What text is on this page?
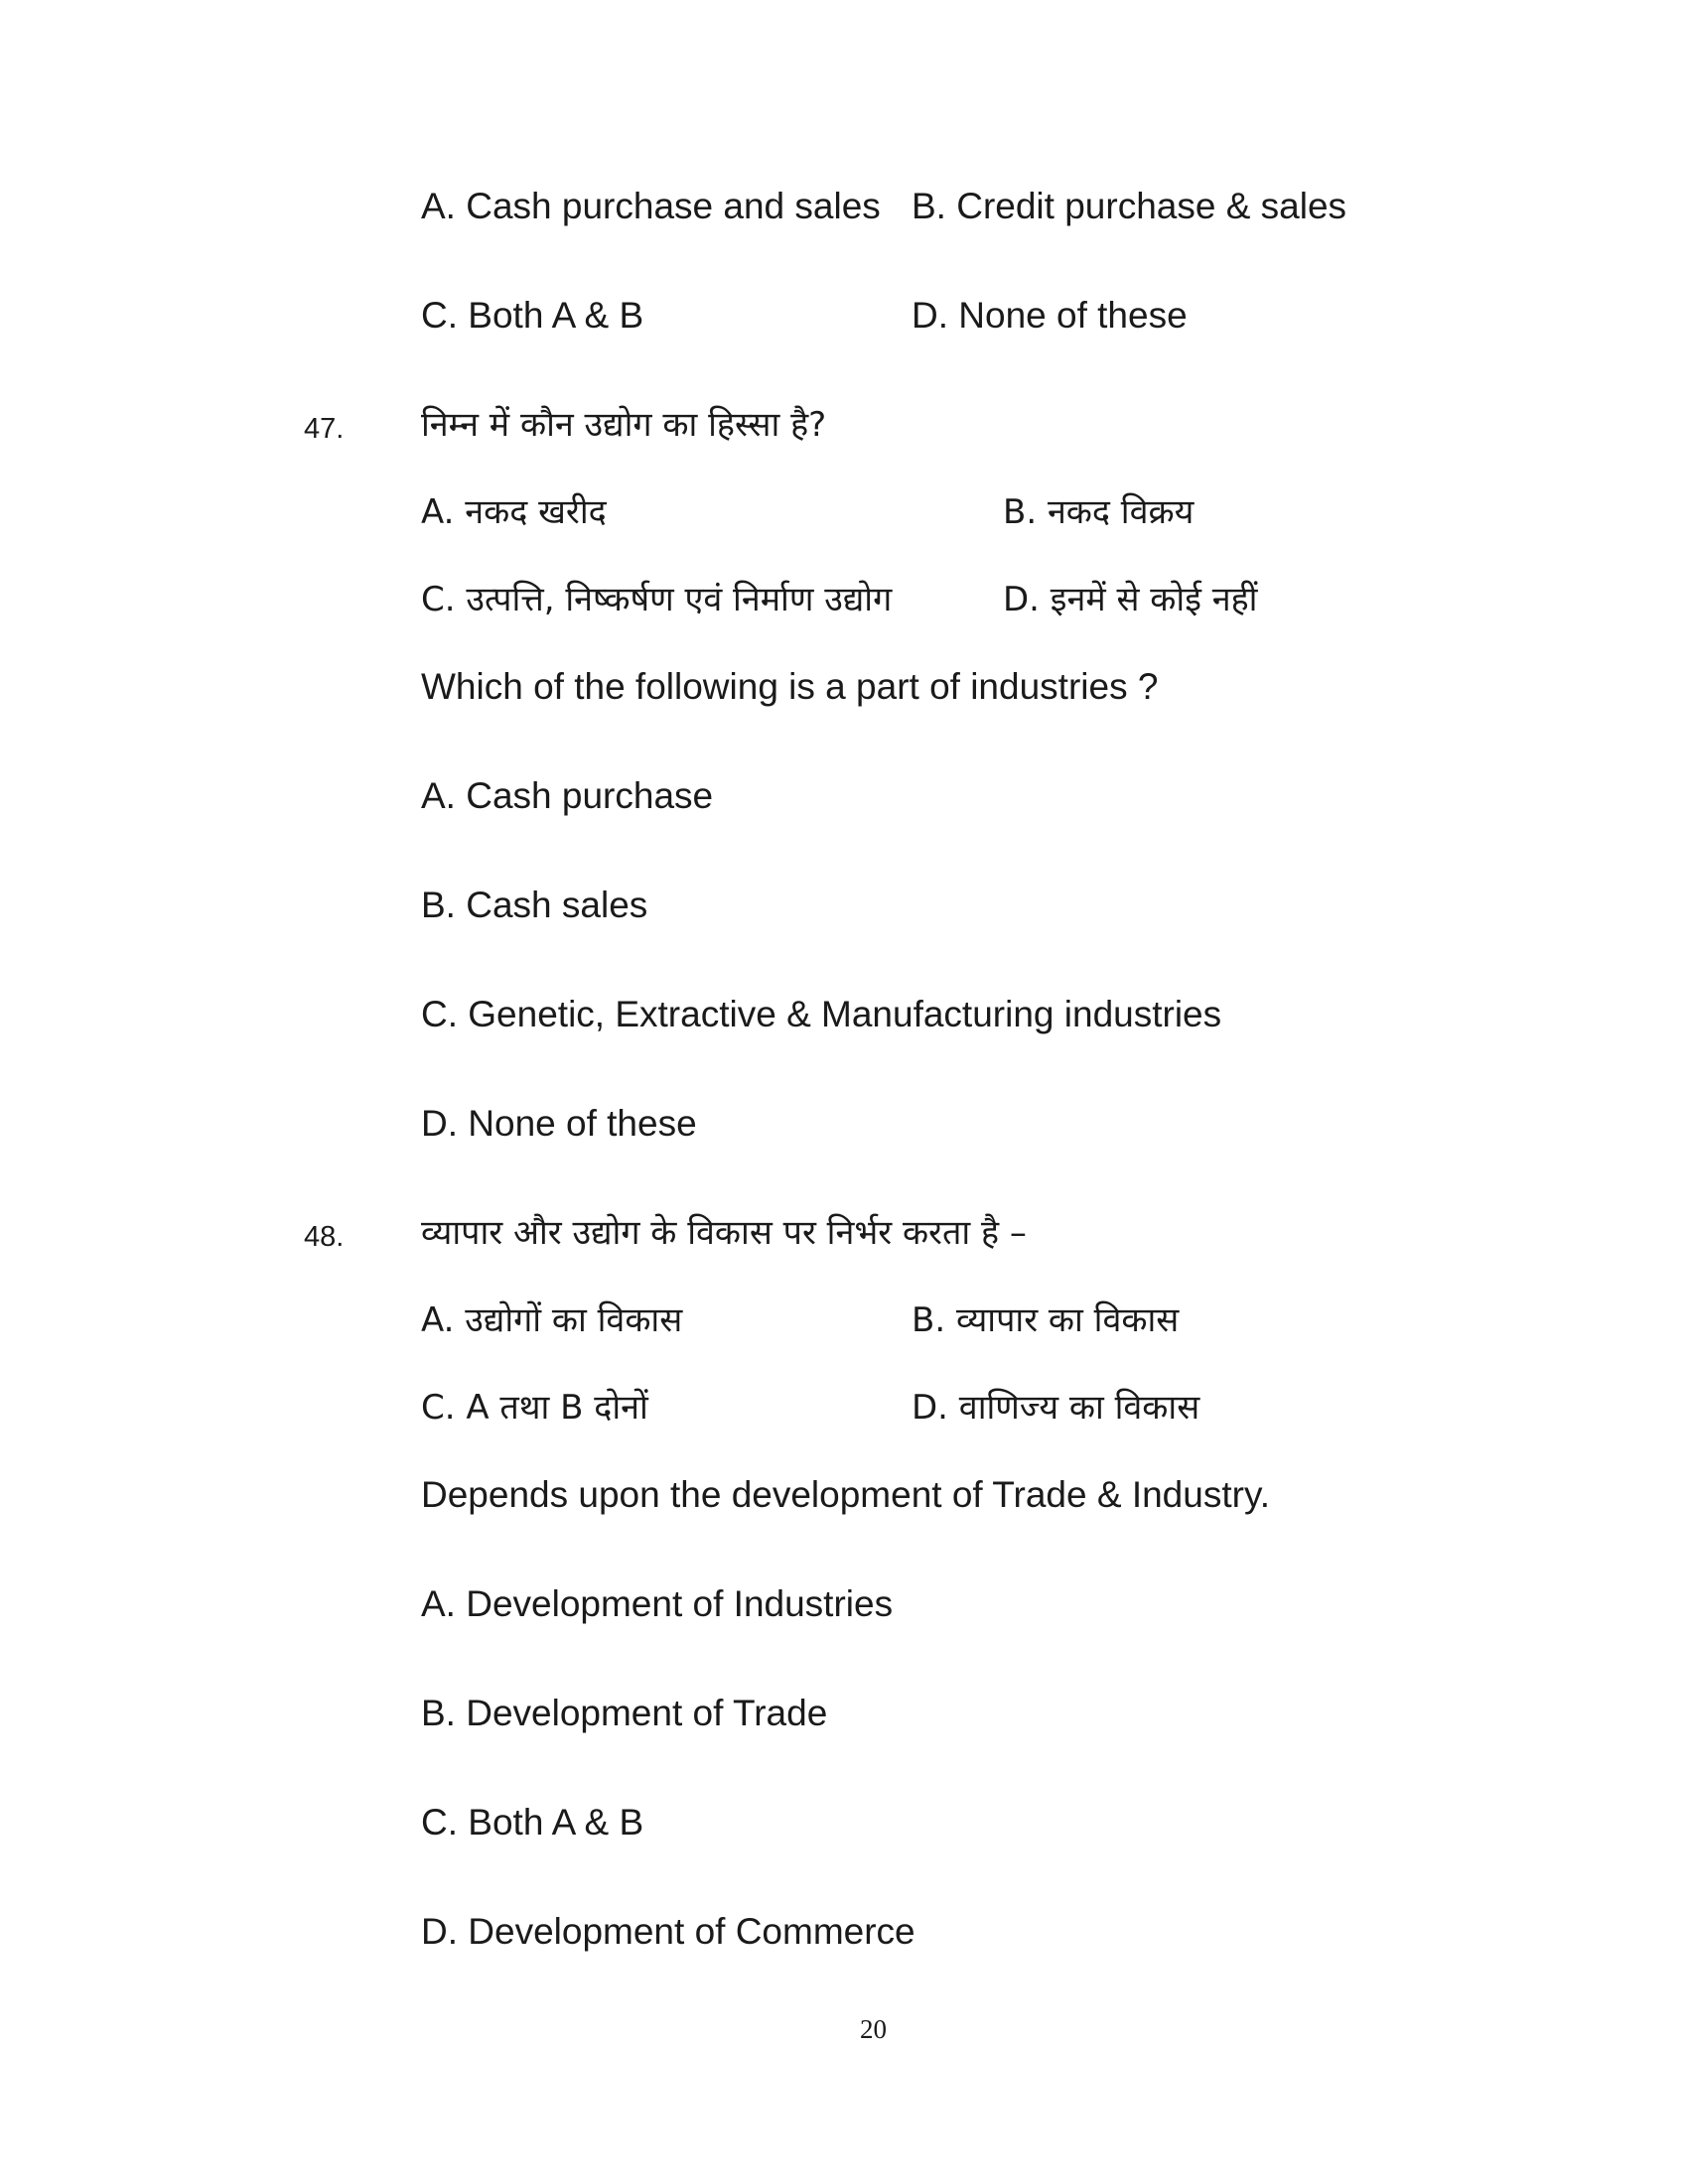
A. Cash purchase and sales B. Credit purchase & sales
C. Both A & B	D. None of these
47. निम्न में कौन उद्योग का हिस्सा है?
A. नकद खरीद	B. नकद विक्रय
C. उत्पत्ति, निष्कर्षण एवं निर्माण उद्योग	D. इनमें से कोई नहीं
Which of the following is a part of industries ?
A. Cash purchase
B. Cash sales
C. Genetic, Extractive & Manufacturing industries
D. None of these
48. व्यापार और उद्योग के विकास पर निर्भर करता है –
A. उद्योगों का विकास	B. व्यापार का विकास
C. A तथा B दोनों	D. वाणिज्य का विकास
Depends upon the development of Trade & Industry.
A. Development of Industries
B. Development of Trade
C. Both A & B
D. Development of Commerce
20
